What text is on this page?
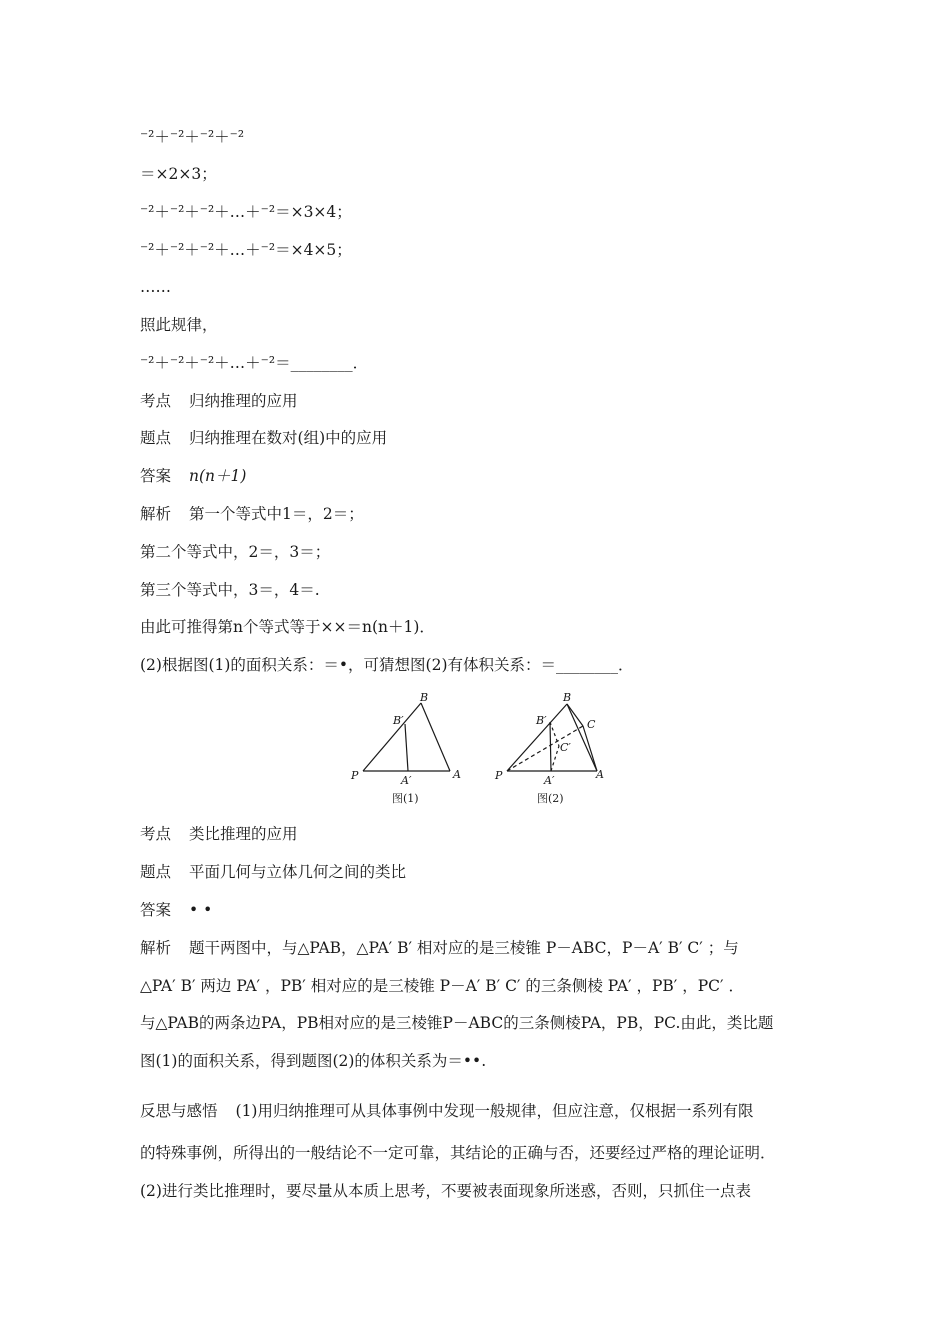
⁻²＋⁻²＋⁻²＋⁻²
＝×2×3；
⁻²＋⁻²＋⁻²＋…＋⁻²＝×3×4；
⁻²＋⁻²＋⁻²＋…＋⁻²＝×4×5；
……
照此规律，
⁻²＋⁻²＋⁻²＋…＋⁻²＝________．
考点 归纳推理的应用
题点 归纳推理在数对(组)中的应用
答案 n(n＋1)
解析 第一个等式中1＝，2＝；
第二个等式中，2＝，3＝；
第三个等式中，3＝，4＝.
由此可推得第n个等式等于××＝n(n＋1)．
(2)根据图(1)的面积关系：＝•，可猜想图(2)有体积关系：＝________．
B
B′
P	A′	A
图(1)
B
B′	C
C′
P	A′	A
图(2)
考点 类比推理的应用
题点 平面几何与立体几何之间的类比
答案 • •
解析 题干两图中，与△PAB，△PA′ B′ 相对应的是三棱锥 P－ABC，P－A′ B′ C′ ；与
△PA′ B′ 两边 PA′ ，PB′ 相对应的是三棱锥 P－A′ B′ C′ 的三条侧棱 PA′ ，PB′ ，PC′ ．
与△PAB的两条边PA，PB相对应的是三棱锥P－ABC的三条侧棱PA，PB，PC.由此，类比题
图(1)的面积关系，得到题图(2)的体积关系为＝••.
反思与感悟 (1)用归纳推理可从具体事例中发现一般规律，但应注意，仅根据一系列有限
的特殊事例，所得出的一般结论不一定可靠，其结论的正确与否，还要经过严格的理论证明．
(2)进行类比推理时，要尽量从本质上思考，不要被表面现象所迷惑，否则，只抓住一点表
